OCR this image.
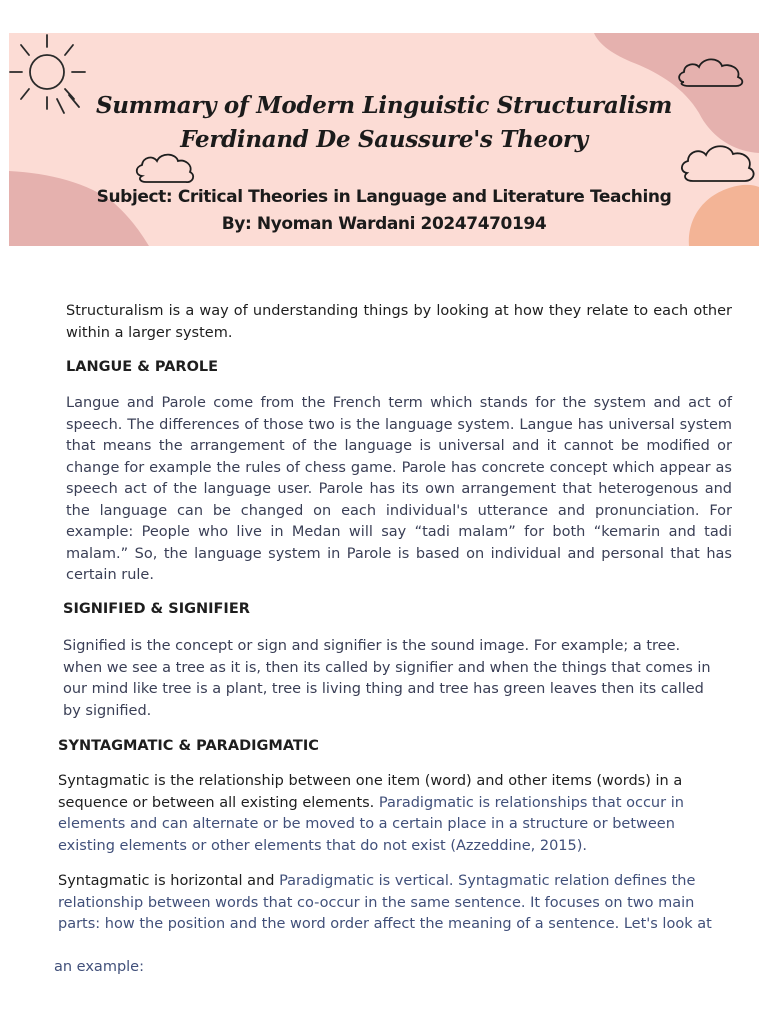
Summary of Modern Linguistic Structuralism
Ferdinand De Saussure's Theory
Subject: Critical Theories in Language and Literature Teaching
By: Nyoman Wardani 20247470194

Structuralism is a way of understanding things by looking at how they relate to each other within a larger system.

LANGUE & PAROLE

Langue and Parole come from the French term which stands for the system and act of speech. The differences of those two is the language system. Langue has universal system that means the arrangement of the language is universal and it cannot be modified or change for example the rules of chess game. Parole has concrete concept which appear as speech act of the language user. Parole has its own arrangement that heterogenous and the language can be changed on each individual's utterance and pronunciation. For example: People who live in Medan will say “tadi malam” for both “kemarin and tadi malam.” So, the language system in Parole is based on individual and personal that has certain rule.

SIGNIFIED & SIGNIFIER
Signified is the concept or sign and signifier is the sound image. For example; a tree.
when we see a tree as it is, then its called by signifier and when the things that comes in
our mind like tree is a plant, tree is living thing and tree has green leaves then its called
by signified.
SYNTAGMATIC & PARADIGMATIC

Syntagmatic is the relationship between one item (word) and other items (words) in a sequence or between all existing elements. Paradigmatic is relationships that occur in elements and can alternate or be moved to a certain place in a structure or between existing elements or other elements that do not exist (Azzeddine, 2015).

Syntagmatic is horizontal and Paradigmatic is vertical. Syntagmatic relation defines the relationship between words that co-occur in the same sentence. It focuses on two main parts: how the position and the word order affect the meaning of a sentence. Let's look at

an example:
